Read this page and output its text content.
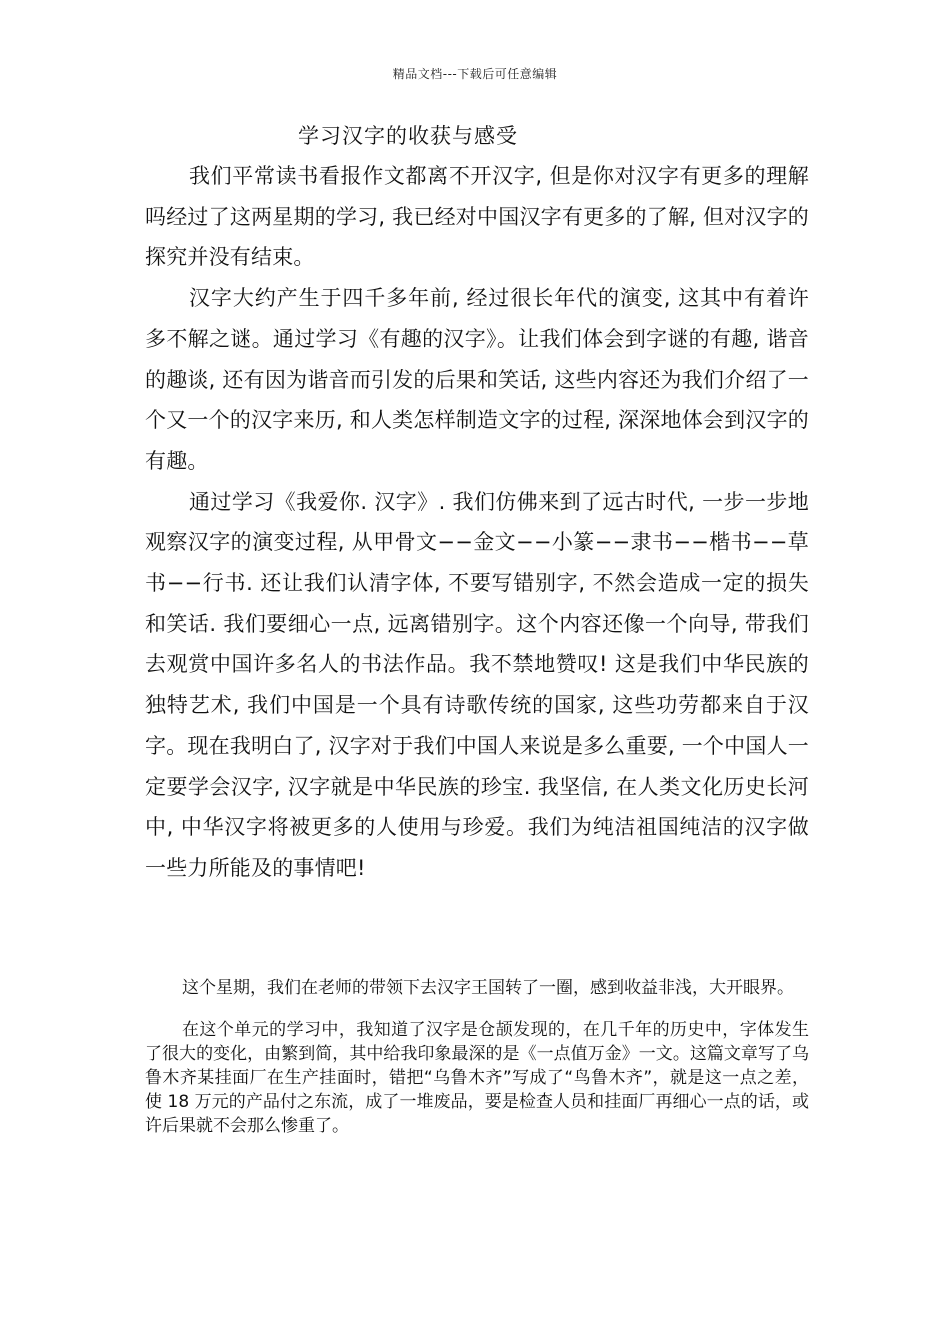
精品文档---下载后可任意编辑
学习汉字的收获与感受

我们平常读书看报作文都离不开汉字, 但是你对汉字有更多的理解吗经过了这两星期的学习, 我已经对中国汉字有更多的了解, 但对汉字的探究并没有结束。

汉字大约产生于四千多年前, 经过很长年代的演变, 这其中有着许多不解之谜。通过学习《有趣的汉字》。让我们体会到字谜的有趣, 谐音的趣谈, 还有因为谐音而引发的后果和笑话, 这些内容还为我们介绍了一个又一个的汉字来历, 和人类怎样制造文字的过程, 深深地体会到汉字的有趣。

通过学习《我爱你. 汉字》. 我们仿佛来到了远古时代, 一步一步地观察汉字的演变过程, 从甲骨文−−金文−−小篆−−隶书−−楷书−−草书−−行书. 还让我们认清字体, 不要写错别字, 不然会造成一定的损失和笑话. 我们要细心一点, 远离错别字。这个内容还像一个向导, 带我们去观赏中国许多名人的书法作品。我不禁地赞叹! 这是我们中华民族的独特艺术, 我们中国是一个具有诗歌传统的国家, 这些功劳都来自于汉字。现在我明白了, 汉字对于我们中国人来说是多么重要, 一个中国人一定要学会汉字, 汉字就是中华民族的珍宝. 我坚信, 在人类文化历史长河中, 中华汉字将被更多的人使用与珍爱。我们为纯洁祖国纯洁的汉字做一些力所能及的事情吧!

这个星期，我们在老师的带领下去汉字王国转了一圈，感到收益非浅，大开眼界。

在这个单元的学习中，我知道了汉字是仓颉发现的，在几千年的历史中，字体发生了很大的变化，由繁到简，其中给我印象最深的是《一点值万金》一文。这篇文章写了乌鲁木齐某挂面厂在生产挂面时，错把“乌鲁木齐”写成了“鸟鲁木齐”，就是这一点之差，使 18 万元的产品付之东流，成了一堆废品，要是检查人员和挂面厂再细心一点的话，或许后果就不会那么惨重了。
